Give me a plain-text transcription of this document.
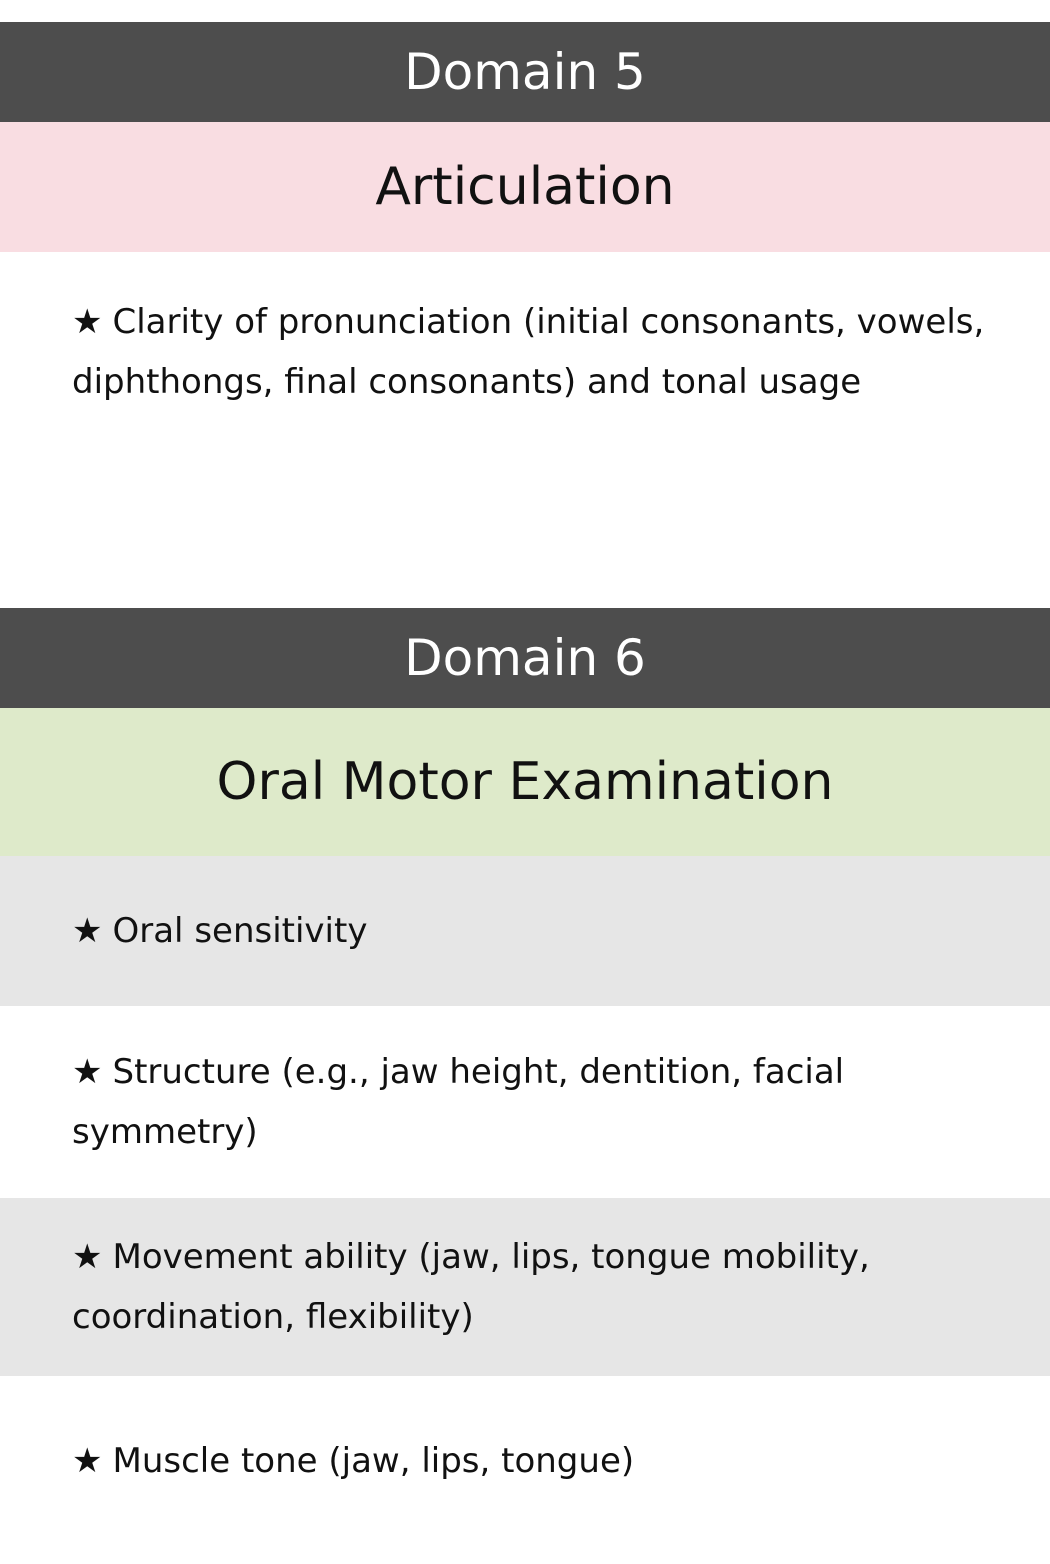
Domain 5
Articulation
★ Clarity of pronunciation (initial consonants, vowels, diphthongs, final consonants) and tonal usage
Domain 6
Oral Motor Examination
★ Oral sensitivity
★ Structure (e.g., jaw height, dentition, facial symmetry)
★ Movement ability (jaw, lips, tongue mobility, coordination, flexibility)
★ Muscle tone (jaw, lips, tongue)
